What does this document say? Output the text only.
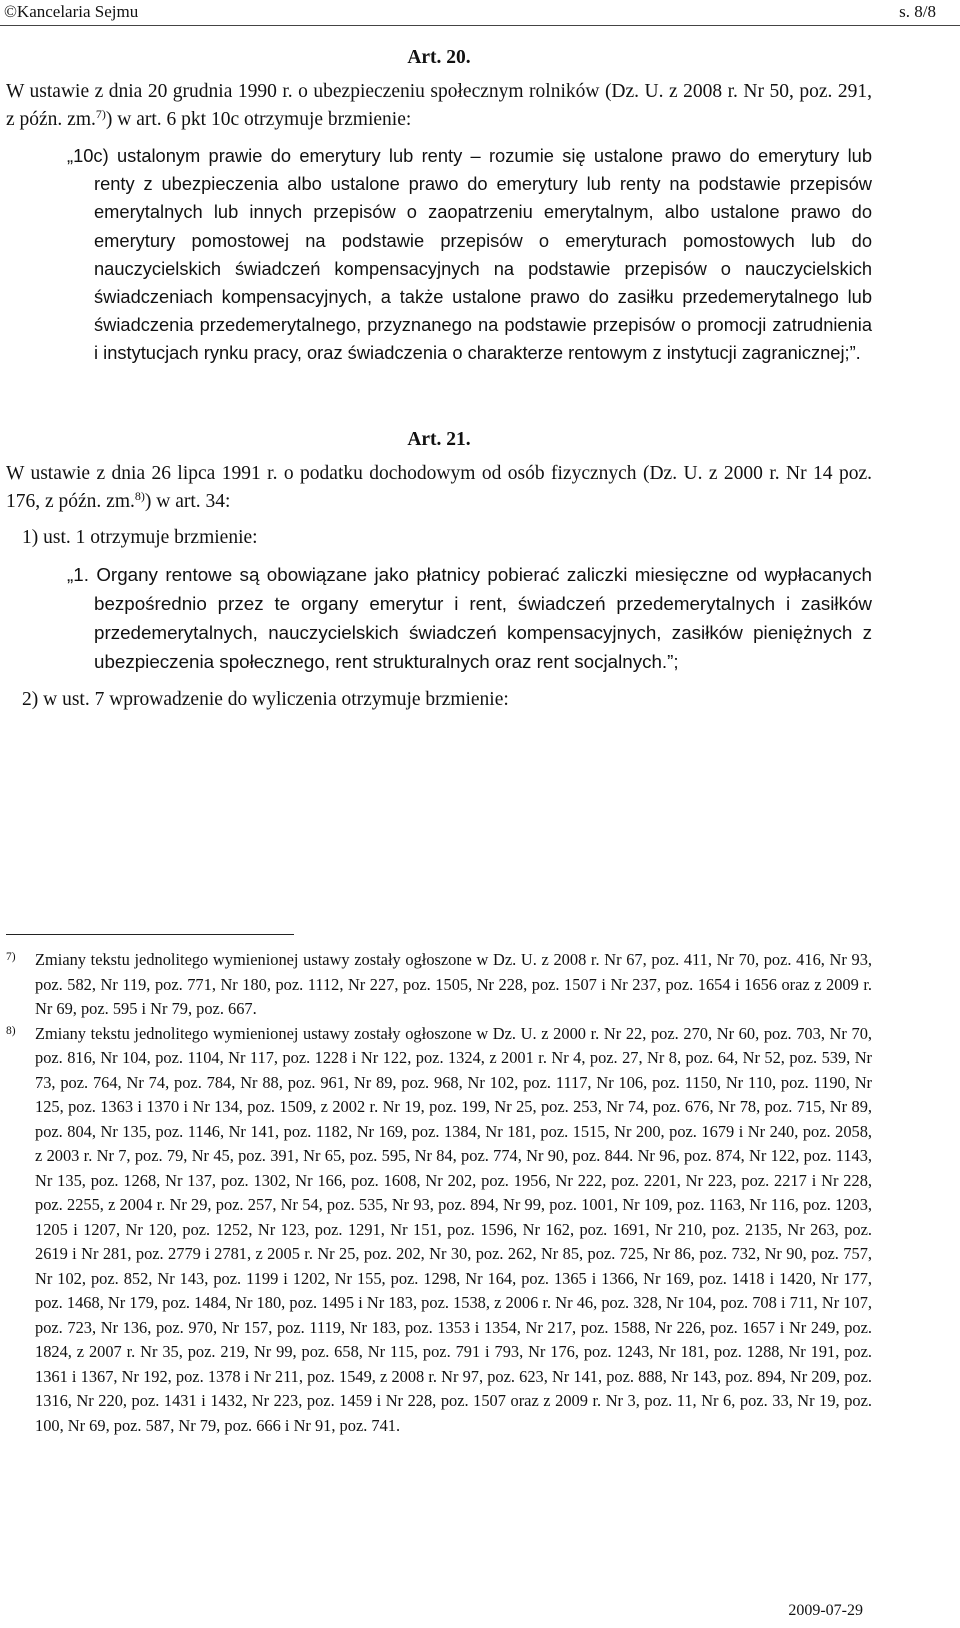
©Kancelaria Sejmu	s. 8/8

Art. 20.

W ustawie z dnia 20 grudnia 1990 r. o ubezpieczeniu społecznym rolników (Dz. U. z 2008 r. Nr 50, poz. 291, z późn. zm.$^{7)}$) w art. 6 pkt 10c otrzymuje brzmienie:

„10c) ustalonym prawie do emerytury lub renty – rozumie się ustalone prawo do emerytury lub renty z ubezpieczenia albo ustalone prawo do emerytury lub renty na podstawie przepisów emerytalnych lub innych przepisów o zaopatrzeniu emerytalnym, albo ustalone prawo do emerytury pomostowej na podstawie przepisów o emeryturach pomostowych lub do nauczycielskich świadczeń kompensacyjnych na podstawie przepisów o nauczycielskich świadczeniach kompensacyjnych, a także ustalone prawo do zasiłku przedemerytalnego lub świadczenia przedemerytalnego, przyznanego na podstawie przepisów o promocji zatrudnienia i instytucjach rynku pracy, oraz świadczenia o charakterze rentowym z instytucji zagranicznej;”.

Art. 21.

W ustawie z dnia 26 lipca 1991 r. o podatku dochodowym od osób fizycznych (Dz. U. z 2000 r. Nr 14 poz. 176, z późn. zm.$^{8)}$) w art. 34:

1) ust. 1 otrzymuje brzmienie:

„1. Organy rentowe są obowiązane jako płatnicy pobierać zaliczki miesięczne od wypłacanych bezpośrednio przez te organy emerytur i rent, świadczeń przedemerytalnych i zasiłków przedemerytalnych, nauczycielskich świadczeń kompensacyjnych, zasiłków pieniężnych z ubezpieczenia społecznego, rent strukturalnych oraz rent socjalnych.”;

2) w ust. 7 wprowadzenie do wyliczenia otrzymuje brzmienie:

7) Zmiany tekstu jednolitego wymienionej ustawy zostały ogłoszone w Dz. U. z 2008 r. Nr 67, poz. 411, Nr 70, poz. 416, Nr 93, poz. 582, Nr 119, poz. 771, Nr 180, poz. 1112, Nr 227, poz. 1505, Nr 228, poz. 1507 i Nr 237, poz. 1654 i 1656 oraz z 2009 r. Nr 69, poz. 595 i Nr 79, poz. 667.

8) Zmiany tekstu jednolitego wymienionej ustawy zostały ogłoszone w Dz. U. z 2000 r. Nr 22, poz. 270, Nr 60, poz. 703, Nr 70, poz. 816, Nr 104, poz. 1104, Nr 117, poz. 1228 i Nr 122, poz. 1324, z 2001 r. Nr 4, poz. 27, Nr 8, poz. 64, Nr 52, poz. 539, Nr 73, poz. 764, Nr 74, poz. 784, Nr 88, poz. 961, Nr 89, poz. 968, Nr 102, poz. 1117, Nr 106, poz. 1150, Nr 110, poz. 1190, Nr 125, poz. 1363 i 1370 i Nr 134, poz. 1509, z 2002 r. Nr 19, poz. 199, Nr 25, poz. 253, Nr 74, poz. 676, Nr 78, poz. 715, Nr 89, poz. 804, Nr 135, poz. 1146, Nr 141, poz. 1182, Nr 169, poz. 1384, Nr 181, poz. 1515, Nr 200, poz. 1679 i Nr 240, poz. 2058, z 2003 r. Nr 7, poz. 79, Nr 45, poz. 391, Nr 65, poz. 595, Nr 84, poz. 774, Nr 90, poz. 844. Nr 96, poz. 874, Nr 122, poz. 1143, Nr 135, poz. 1268, Nr 137, poz. 1302, Nr 166, poz. 1608, Nr 202, poz. 1956, Nr 222, poz. 2201, Nr 223, poz. 2217 i Nr 228, poz. 2255, z 2004 r. Nr 29, poz. 257, Nr 54, poz. 535, Nr 93, poz. 894, Nr 99, poz. 1001, Nr 109, poz. 1163, Nr 116, poz. 1203, 1205 i 1207, Nr 120, poz. 1252, Nr 123, poz. 1291, Nr 151, poz. 1596, Nr 162, poz. 1691, Nr 210, poz. 2135, Nr 263, poz. 2619 i Nr 281, poz. 2779 i 2781, z 2005 r. Nr 25, poz. 202, Nr 30, poz. 262, Nr 85, poz. 725, Nr 86, poz. 732, Nr 90, poz. 757, Nr 102, poz. 852, Nr 143, poz. 1199 i 1202, Nr 155, poz. 1298, Nr 164, poz. 1365 i 1366, Nr 169, poz. 1418 i 1420, Nr 177, poz. 1468, Nr 179, poz. 1484, Nr 180, poz. 1495 i Nr 183, poz. 1538, z 2006 r. Nr 46, poz. 328, Nr 104, poz. 708 i 711, Nr 107, poz. 723, Nr 136, poz. 970, Nr 157, poz. 1119, Nr 183, poz. 1353 i 1354, Nr 217, poz. 1588, Nr 226, poz. 1657 i Nr 249, poz. 1824, z 2007 r. Nr 35, poz. 219, Nr 99, poz. 658, Nr 115, poz. 791 i 793, Nr 176, poz. 1243, Nr 181, poz. 1288, Nr 191, poz. 1361 i 1367, Nr 192, poz. 1378 i Nr 211, poz. 1549, z 2008 r. Nr 97, poz. 623, Nr 141, poz. 888, Nr 143, poz. 894, Nr 209, poz. 1316, Nr 220, poz. 1431 i 1432, Nr 223, poz. 1459 i Nr 228, poz. 1507 oraz z 2009 r. Nr 3, poz. 11, Nr 6, poz. 33, Nr 19, poz. 100, Nr 69, poz. 587, Nr 79, poz. 666 i Nr 91, poz. 741.

2009-07-29
